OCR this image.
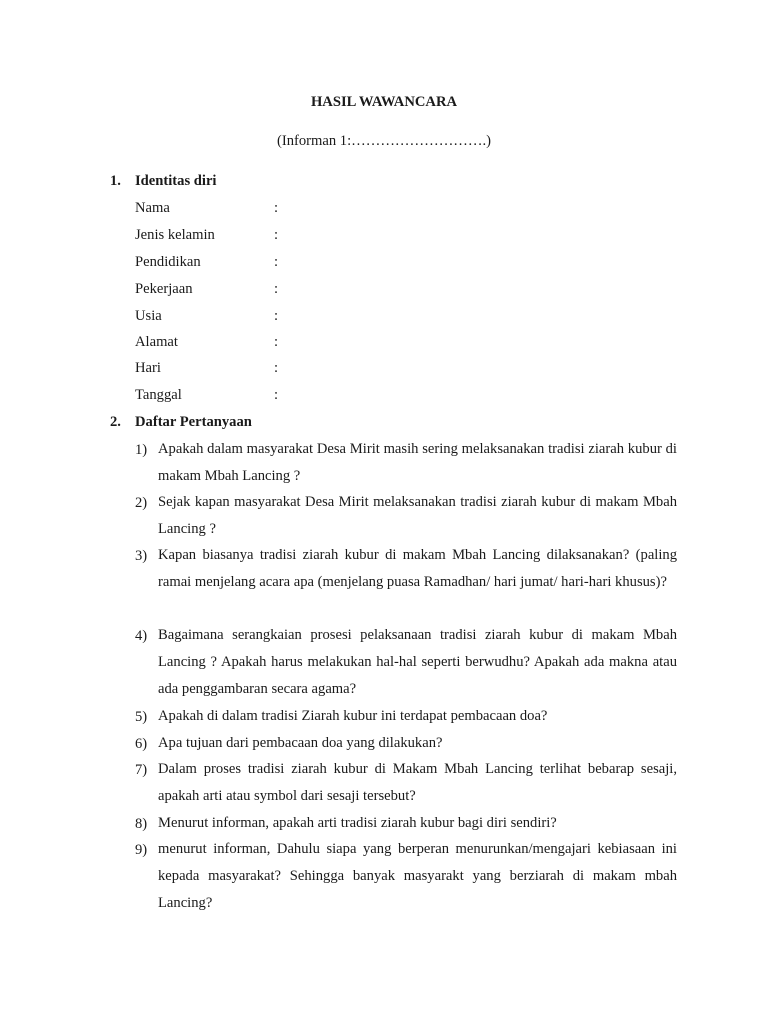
HASIL WAWANCARA
(Informan 1:……………………….)
1. Identitas diri
Nama	:
Jenis kelamin	:
Pendidikan	:
Pekerjaan	:
Usia	:
Alamat	:
Hari	:
Tanggal	:
2. Daftar Pertanyaan
1) Apakah dalam masyarakat Desa Mirit masih sering melaksanakan tradisi ziarah kubur di makam Mbah Lancing ?
2) Sejak kapan masyarakat Desa Mirit melaksanakan tradisi ziarah kubur di makam Mbah Lancing ?
3) Kapan biasanya tradisi ziarah kubur di makam Mbah Lancing dilaksanakan? (paling ramai menjelang acara apa (menjelang puasa Ramadhan/ hari jumat/ hari-hari khusus)?
4) Bagaimana serangkaian prosesi pelaksanaan tradisi ziarah kubur di makam Mbah Lancing ? Apakah harus melakukan hal-hal seperti berwudhu? Apakah ada makna atau ada penggambaran secara agama?
5) Apakah di dalam tradisi Ziarah kubur ini terdapat pembacaan doa?
6) Apa tujuan dari pembacaan doa yang dilakukan?
7) Dalam proses tradisi ziarah kubur di Makam Mbah Lancing terlihat bebarap sesaji, apakah arti atau symbol dari sesaji tersebut?
8) Menurut informan, apakah arti tradisi ziarah kubur bagi diri sendiri?
9) menurut informan, Dahulu siapa yang berperan menurunkan/mengajari kebiasaan ini kepada masyarakat? Sehingga banyak masyarakt yang berziarah di makam mbah Lancing?
